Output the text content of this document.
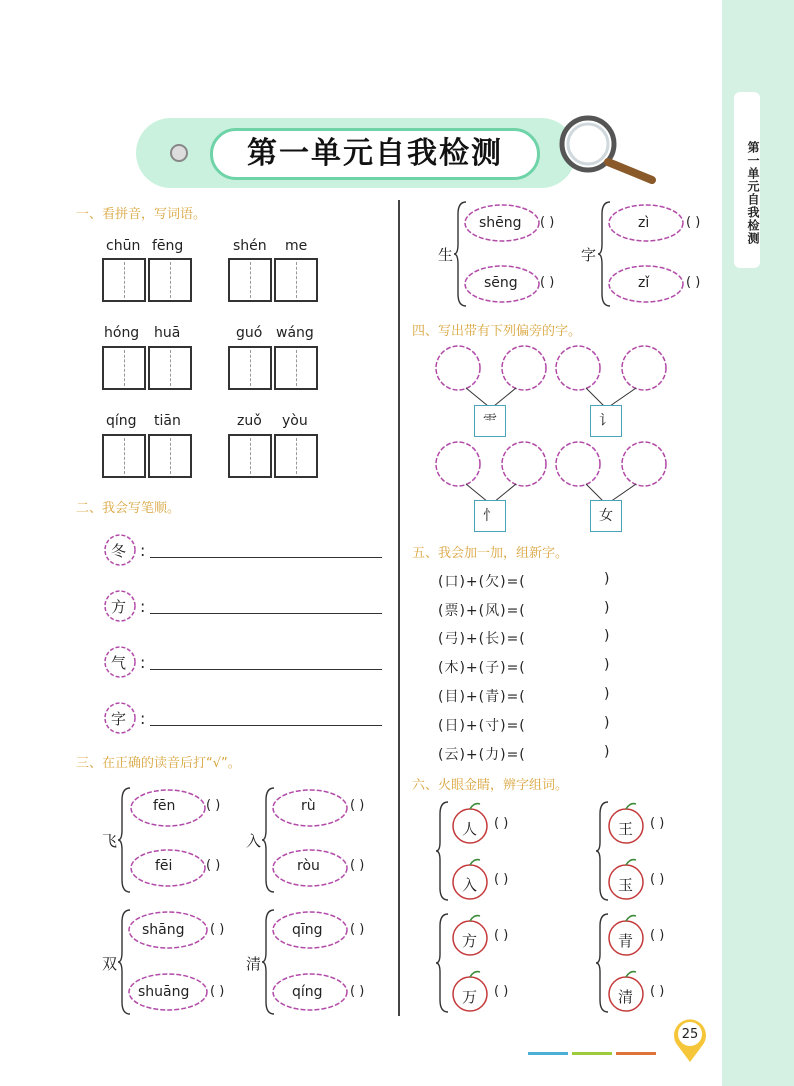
第一单元自我检测
第一单元自我检测
一、看拼音，写词语。
chūn fēng	shén me
hóng huā	guó wáng
qíng tiān	zuǒ yòu
二、我会写笔顺。
冬 :
方 :
气 :
字 :
三、在正确的读音后打“√”。
飞
fēn ( )
fēi	( )
入
rù	( )
ròu ( )
双
shāng ( )
shuāng ( )
清
qīng ( )
qíng ( )
生
shēng ( )
sēng ( )
字
zì	( )
zǐ	( )
四、写出带有下列偏旁的字。
⻗	讠
忄	女
五、我会加一加，组新字。
(口)+(欠)=(	)
(票)+(风)=(	)
(弓)+(长)=(	)
(木)+(子)=(	)
(目)+(青)=(	)
(日)+(寸)=(	)
(云)+(力)=(	)
六、火眼金睛，辨字组词。
人 ( )
入 ( )
方 ( )
万 ( )
王 ( )
玉 ( )
青 ( )
清 ( )
25
